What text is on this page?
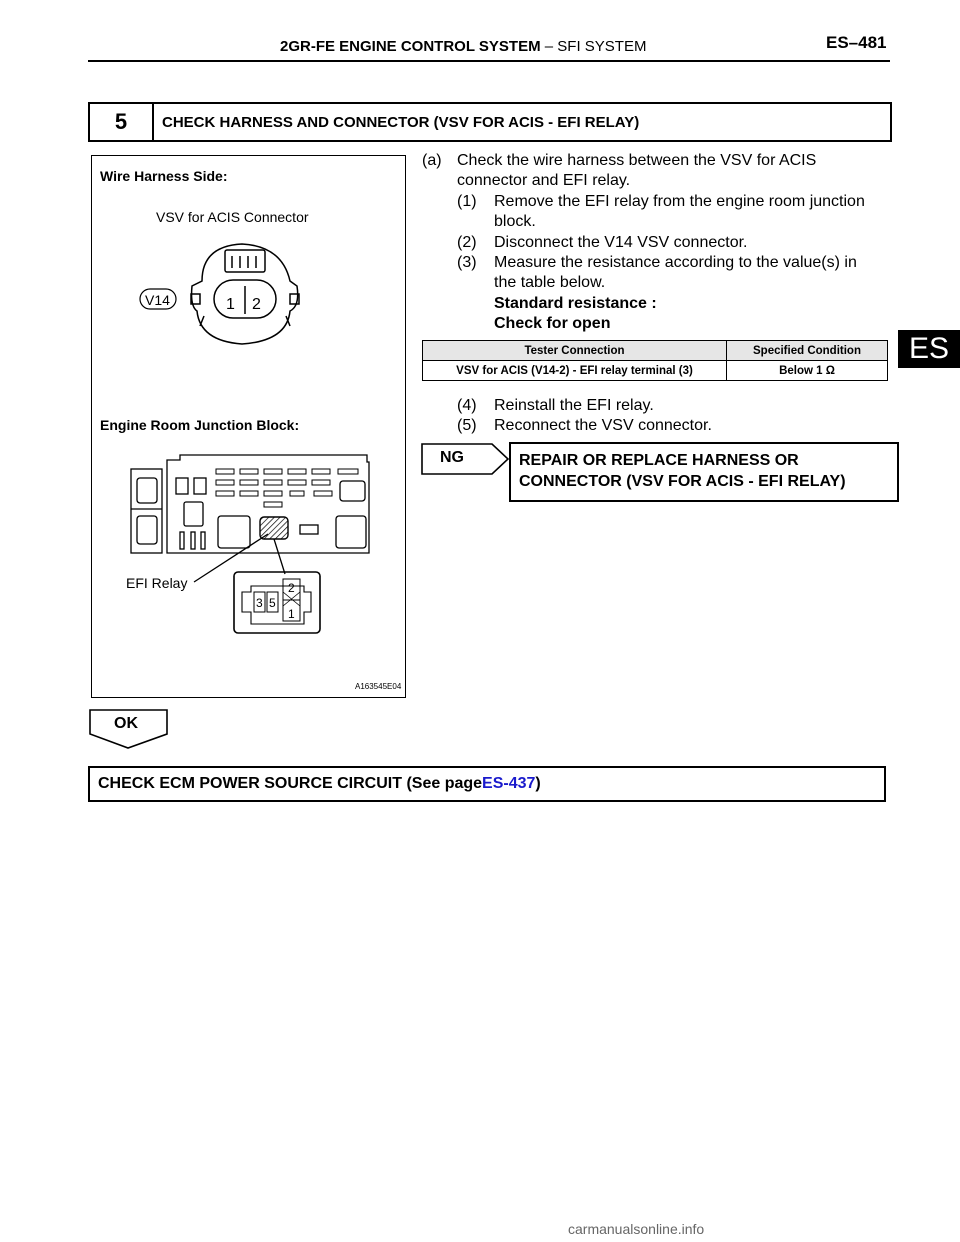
2GR-FE ENGINE CONTROL SYSTEM – SFI SYSTEM	ES–481
ES
5	CHECK HARNESS AND CONNECTOR (VSV FOR ACIS - EFI RELAY)
Wire Harness Side:
VSV for ACIS Connector
1 2
V14
Engine Room Junction Block:
EFI Relay
3 5
2
1
A163545E04
(a) Check the wire harness between the VSV for ACIS
connector and EFI relay.
(1) Remove the EFI relay from the engine room junction
block.
(2) Disconnect the V14 VSV connector.
(3) Measure the resistance according to the value(s) in
the table below.
Standard resistance :
Check for open
Tester Connection	Specified Condition
VSV for ACIS (V14-2) - EFI relay terminal (3)	Below 1 Ω
(4) Reinstall the EFI relay.
(5) Reconnect the VSV connector.
NG	REPAIR OR REPLACE HARNESS OR
CONNECTOR (VSV FOR ACIS - EFI RELAY)
OK
CHECK ECM POWER SOURCE CIRCUIT (See page ES-437 )
carmanualsonline.info
